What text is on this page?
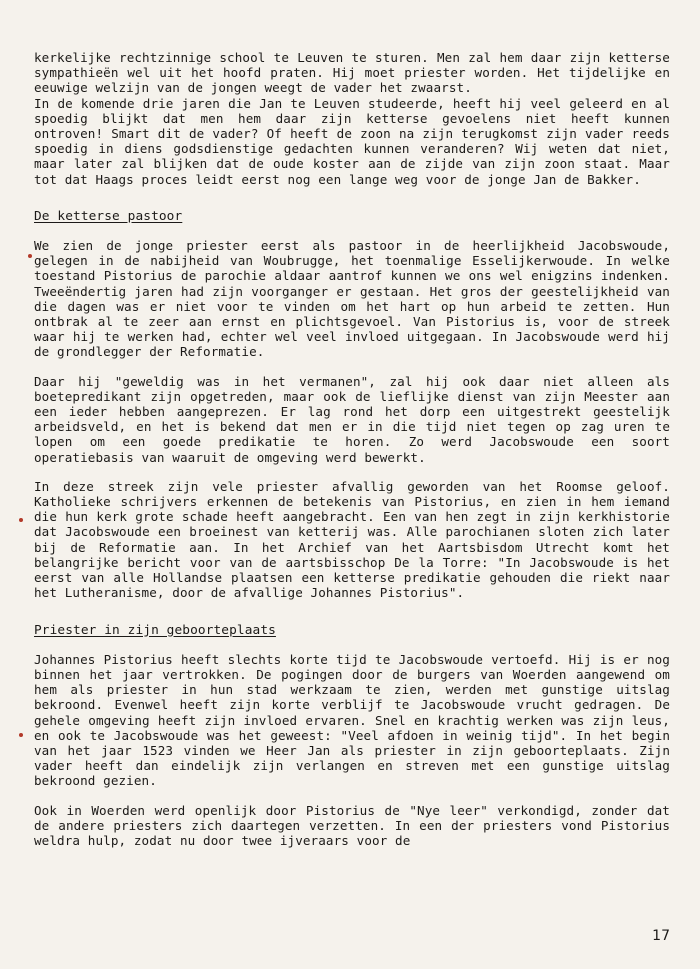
kerkelijke rechtzinnige school te Leuven te sturen. Men zal hem daar zijn ketterse sympathieën wel uit het hoofd praten. Hij moet priester worden. Het tijdelijke en eeuwige welzijn van de jongen weegt de vader het zwaarst.

In de komende drie jaren die Jan te Leuven studeerde, heeft hij veel geleerd en al spoedig blijkt dat men hem daar zijn ketterse gevoelens niet heeft kunnen ontroven! Smart dit de vader? Of heeft de zoon na zijn terugkomst zijn vader reeds spoedig in diens godsdienstige gedachten kunnen veranderen? Wij weten dat niet, maar later zal blijken dat de oude koster aan de zijde van zijn zoon staat. Maar tot dat Haags proces leidt eerst nog een lange weg voor de jonge Jan de Bakker.

De ketterse pastoor

We zien de jonge priester eerst als pastoor in de heerlijkheid Jacobswoude, gelegen in de nabijheid van Woubrugge, het toenmalige Esselijkerwoude. In welke toestand Pistorius de parochie aldaar aantrof kunnen we ons wel enigzins indenken. Tweeëndertig jaren had zijn voorganger er gestaan. Het gros der geestelijkheid van die dagen was er niet voor te vinden om het hart op hun arbeid te zetten. Hun ontbrak al te zeer aan ernst en plichtsgevoel. Van Pistorius is, voor de streek waar hij te werken had, echter wel veel invloed uitgegaan. In Jacobswoude werd hij de grondlegger der Reformatie.

Daar hij "geweldig was in het vermanen", zal hij ook daar niet alleen als boetepredikant zijn opgetreden, maar ook de lieflijke dienst van zijn Meester aan een ieder hebben aangeprezen. Er lag rond het dorp een uitgestrekt geestelijk arbeidsveld, en het is bekend dat men er in die tijd niet tegen op zag uren te lopen om een goede predikatie te horen. Zo werd Jacobswoude een soort operatiebasis van waaruit de omgeving werd bewerkt.

In deze streek zijn vele priester afvallig geworden van het Roomse geloof. Katholieke schrijvers erkennen de betekenis van Pistorius, en zien in hem iemand die hun kerk grote schade heeft aangebracht. Een van hen zegt in zijn kerkhistorie dat Jacobswoude een broeinest van ketterij was. Alle parochianen sloten zich later bij de Reformatie aan. In het Archief van het Aartsbisdom Utrecht komt het belangrijke bericht voor van de aartsbisschop De la Torre: "In Jacobswoude is het eerst van alle Hollandse plaatsen een ketterse predikatie gehouden die riekt naar het Lutheranisme, door de afvallige Johannes Pistorius".

Priester in zijn geboorteplaats

Johannes Pistorius heeft slechts korte tijd te Jacobswoude vertoefd. Hij is er nog binnen het jaar vertrokken. De pogingen door de burgers van Woerden aangewend om hem als priester in hun stad werkzaam te zien, werden met gunstige uitslag bekroond. Evenwel heeft zijn korte verblijf te Jacobswoude vrucht gedragen. De gehele omgeving heeft zijn invloed ervaren. Snel en krachtig werken was zijn leus, en ook te Jacobswoude was het geweest: "Veel afdoen in weinig tijd". In het begin van het jaar 1523 vinden we Heer Jan als priester in zijn geboorteplaats. Zijn vader heeft dan eindelijk zijn verlangen en streven met een gunstige uitslag bekroond gezien.

Ook in Woerden werd openlijk door Pistorius de "Nye leer" verkondigd, zonder dat de andere priesters zich daartegen verzetten. In een der priesters vond Pistorius weldra hulp, zodat nu door twee ijveraars voor de

17
